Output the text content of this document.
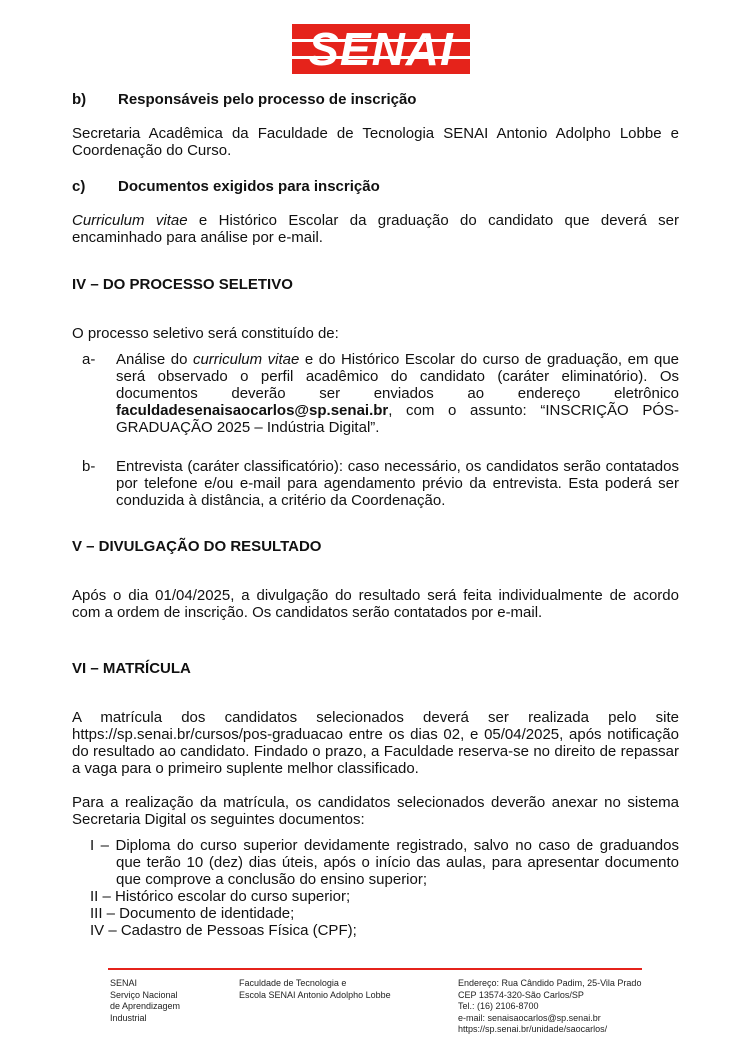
SENAI
b) Responsáveis pelo processo de inscrição
Secretaria Acadêmica da Faculdade de Tecnologia SENAI Antonio Adolpho Lobbe e Coordenação do Curso.
c) Documentos exigidos para inscrição
Curriculum vitae e Histórico Escolar da graduação do candidato que deverá ser encaminhado para análise por e-mail.
IV – DO PROCESSO SELETIVO
O processo seletivo será constituído de:
a- Análise do curriculum vitae e do Histórico Escolar do curso de graduação, em que será observado o perfil acadêmico do candidato (caráter eliminatório). Os documentos deverão ser enviados ao endereço eletrônico faculdadesenaisaocarlos@sp.senai.br, com o assunto: “INSCRIÇÃO PÓS-GRADUAÇÃO 2025 – Indústria Digital”.
b- Entrevista (caráter classificatório): caso necessário, os candidatos serão contatados por telefone e/ou e-mail para agendamento prévio da entrevista. Esta poderá ser conduzida à distância, a critério da Coordenação.
V – DIVULGAÇÃO DO RESULTADO
Após o dia 01/04/2025, a divulgação do resultado será feita individualmente de acordo com a ordem de inscrição. Os candidatos serão contatados por e-mail.
VI – MATRÍCULA
A matrícula dos candidatos selecionados deverá ser realizada pelo site https://sp.senai.br/cursos/pos-graduacao entre os dias 02, e 05/04/2025, após notificação do resultado ao candidato. Findado o prazo, a Faculdade reserva-se no direito de repassar a vaga para o primeiro suplente melhor classificado.
Para a realização da matrícula, os candidatos selecionados deverão anexar no sistema Secretaria Digital os seguintes documentos:
I – Diploma do curso superior devidamente registrado, salvo no caso de graduandos que terão 10 (dez) dias úteis, após o início das aulas, para apresentar documento que comprove a conclusão do ensino superior;
II – Histórico escolar do curso superior;
III – Documento de identidade;
IV – Cadastro de Pessoas Física (CPF);
SENAI
Serviço Nacional
de Aprendizagem
Industrial
Faculdade de Tecnologia e
Escola SENAI Antonio Adolpho Lobbe
Endereço: Rua Cândido Padim, 25-Vila Prado
CEP 13574-320-São Carlos/SP
Tel.: (16) 2106-8700
e-mail: senaisaocarlos@sp.senai.br
https://sp.senai.br/unidade/saocarlos/
